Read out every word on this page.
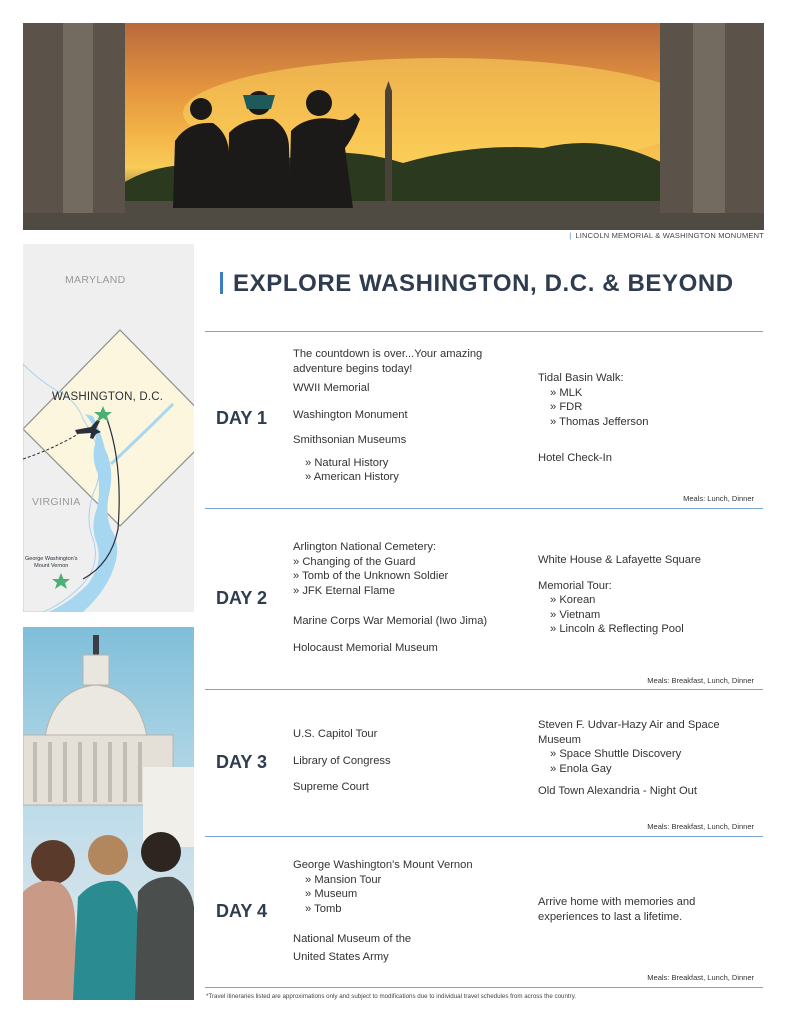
| LINCOLN MEMORIAL & WASHINGTON MONUMENT
MARYLAND
VIRGINIA
WASHINGTON, D.C.
George Washington's
Mount Vernon
EXPLORE WASHINGTON, D.C. & BEYOND
DAY 1
The countdown is over...Your amazing
adventure begins today!
WWII Memorial
Washington Monument
Smithsonian Museums
» Natural History
» American History
Tidal Basin Walk:
» MLK
» FDR
» Thomas Jefferson
Hotel Check-In
Meals: Lunch, Dinner
DAY 2
Arlington National Cemetery:
» Changing of the Guard
» Tomb of the Unknown Soldier
» JFK Eternal Flame
Marine Corps War Memorial (Iwo Jima)
Holocaust Memorial Museum
White House & Lafayette Square
Memorial Tour:
» Korean
» Vietnam
» Lincoln & Reflecting Pool
Meals: Breakfast, Lunch, Dinner
DAY 3
U.S. Capitol Tour
Library of Congress
Supreme Court
Steven F. Udvar-Hazy Air and Space
Museum
» Space Shuttle Discovery
» Enola Gay
Old Town Alexandria - Night Out
Meals: Breakfast, Lunch, Dinner
DAY 4
George Washington's Mount Vernon
» Mansion Tour
» Museum
» Tomb
National Museum of the
United States Army
Arrive home with memories and
experiences to last a lifetime.
Meals: Breakfast, Lunch, Dinner
*Travel itineraries listed are approximations only and subject to modifications due to individual travel schedules from across the country.
